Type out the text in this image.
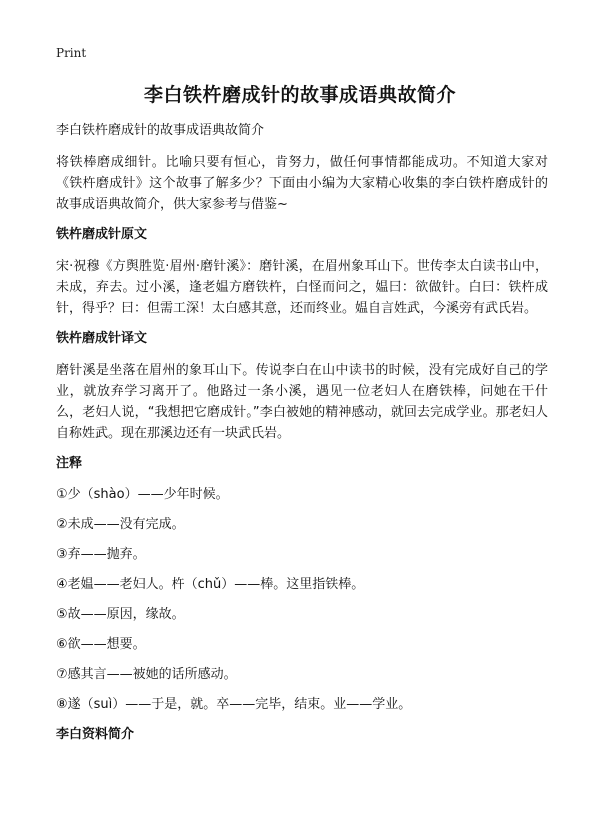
Print
李白铁杵磨成针的故事成语典故简介

李白铁杵磨成针的故事成语典故简介

将铁棒磨成细针。比喻只要有恒心，肯努力，做任何事情都能成功。不知道大家对《铁杵磨成针》这个故事了解多少？下面由小编为大家精心收集的李白铁杵磨成针的故事成语典故简介，供大家参考与借鉴~

铁杵磨成针原文

宋·祝穆《方舆胜览·眉州·磨针溪》：磨针溪，在眉州象耳山下。世传李太白读书山中，未成，弃去。过小溪，逢老媪方磨铁杵，白怪而问之，媪曰：欲做针。白曰：铁杵成针，得乎？曰：但需工深！太白感其意，还而终业。媪自言姓武，今溪旁有武氏岩。

铁杵磨成针译文

磨针溪是坐落在眉州的象耳山下。传说李白在山中读书的时候，没有完成好自己的学业，就放弃学习离开了。他路过一条小溪，遇见一位老妇人在磨铁棒，问她在干什么，老妇人说，“我想把它磨成针。”李白被她的精神感动，就回去完成学业。那老妇人自称姓武。现在那溪边还有一块武氏岩。

注释
①少（shào）——少年时候。
②未成——没有完成。
③弃——抛弃。
④老媪——老妇人。杵（chǔ）——棒。这里指铁棒。
⑤故——原因，缘故。
⑥欲——想要。
⑦感其言——被她的话所感动。
⑧遂（suì）——于是，就。卒——完毕，结束。业——学业。
李白资料简介
